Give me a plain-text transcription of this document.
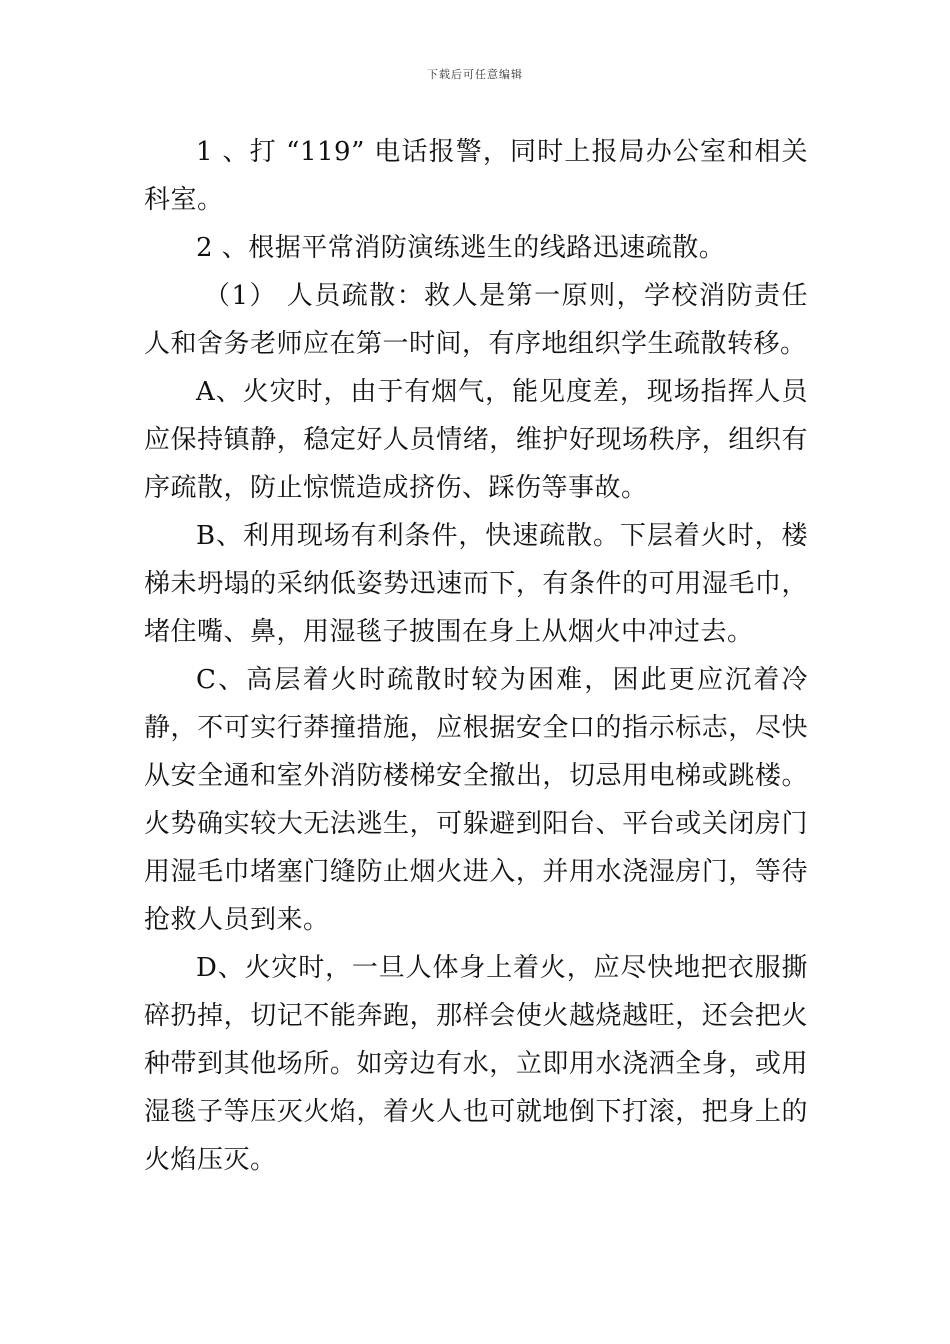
下载后可任意编辑

1 、打 “119” 电话报警，同时上报局办公室和相关科室。

2 、根据平常消防演练逃生的线路迅速疏散。

（1） 人员疏散：救人是第一原则，学校消防责任人和舍务老师应在第一时间，有序地组织学生疏散转移。

A、火灾时，由于有烟气，能见度差，现场指挥人员应保持镇静，稳定好人员情绪，维护好现场秩序，组织有序疏散，防止惊慌造成挤伤、踩伤等事故。

B、利用现场有利条件，快速疏散。下层着火时，楼梯未坍塌的采纳低姿势迅速而下，有条件的可用湿毛巾，堵住嘴、鼻，用湿毯子披围在身上从烟火中冲过去。

C、高层着火时疏散时较为困难，困此更应沉着冷静，不可实行莽撞措施，应根据安全口的指示标志，尽快从安全通和室外消防楼梯安全撤出，切忌用电梯或跳楼。火势确实较大无法逃生，可躲避到阳台、平台或关闭房门用湿毛巾堵塞门缝防止烟火进入，并用水浇湿房门，等待抢救人员到来。

D、火灾时，一旦人体身上着火，应尽快地把衣服撕碎扔掉，切记不能奔跑，那样会使火越烧越旺，还会把火种带到其他场所。如旁边有水，立即用水浇洒全身，或用湿毯子等压灭火焰，着火人也可就地倒下打滚，把身上的火焰压灭。
